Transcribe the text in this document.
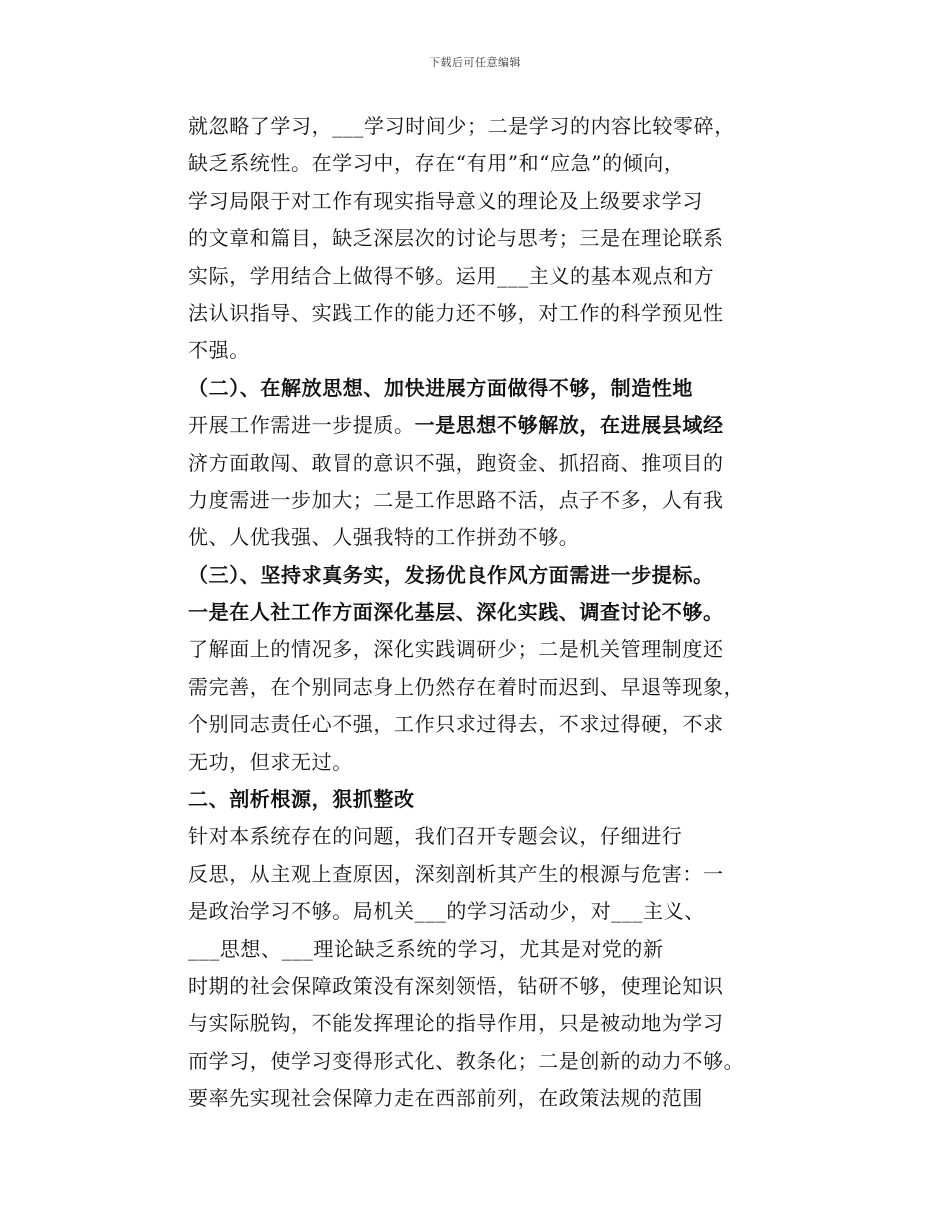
下载后可任意编辑
就忽略了学习，___学习时间少；二是学习的内容比较零碎，
缺乏系统性。在学习中，存在“有用”和“应急”的倾向，
学习局限于对工作有现实指导意义的理论及上级要求学习
的文章和篇目，缺乏深层次的讨论与思考；三是在理论联系
实际，学用结合上做得不够。运用___主义的基本观点和方
法认识指导、实践工作的能力还不够，对工作的科学预见性
不强。
（二）、在解放思想、加快进展方面做得不够，制造性地
开展工作需进一步提质。一是思想不够解放，在进展县域经
济方面敢闯、敢冒的意识不强，跑资金、抓招商、推项目的
力度需进一步加大；二是工作思路不活，点子不多，人有我
优、人优我强、人强我特的工作拼劲不够。
（三）、坚持求真务实，发扬优良作风方面需进一步提标。
一是在人社工作方面深化基层、深化实践、调查讨论不够。
了解面上的情况多，深化实践调研少；二是机关管理制度还
需完善，在个别同志身上仍然存在着时而迟到、早退等现象，
个别同志责任心不强，工作只求过得去，不求过得硬，不求
无功，但求无过。
二、剖析根源，狠抓整改
针对本系统存在的问题，我们召开专题会议，仔细进行
反思，从主观上查原因，深刻剖析其产生的根源与危害：一
是政治学习不够。局机关___的学习活动少，对___主义、
___思想、___理论缺乏系统的学习，尤其是对党的新
时期的社会保障政策没有深刻领悟，钻研不够，使理论知识
与实际脱钩，不能发挥理论的指导作用，只是被动地为学习
而学习，使学习变得形式化、教条化；二是创新的动力不够。
要率先实现社会保障力走在西部前列，在政策法规的范围
